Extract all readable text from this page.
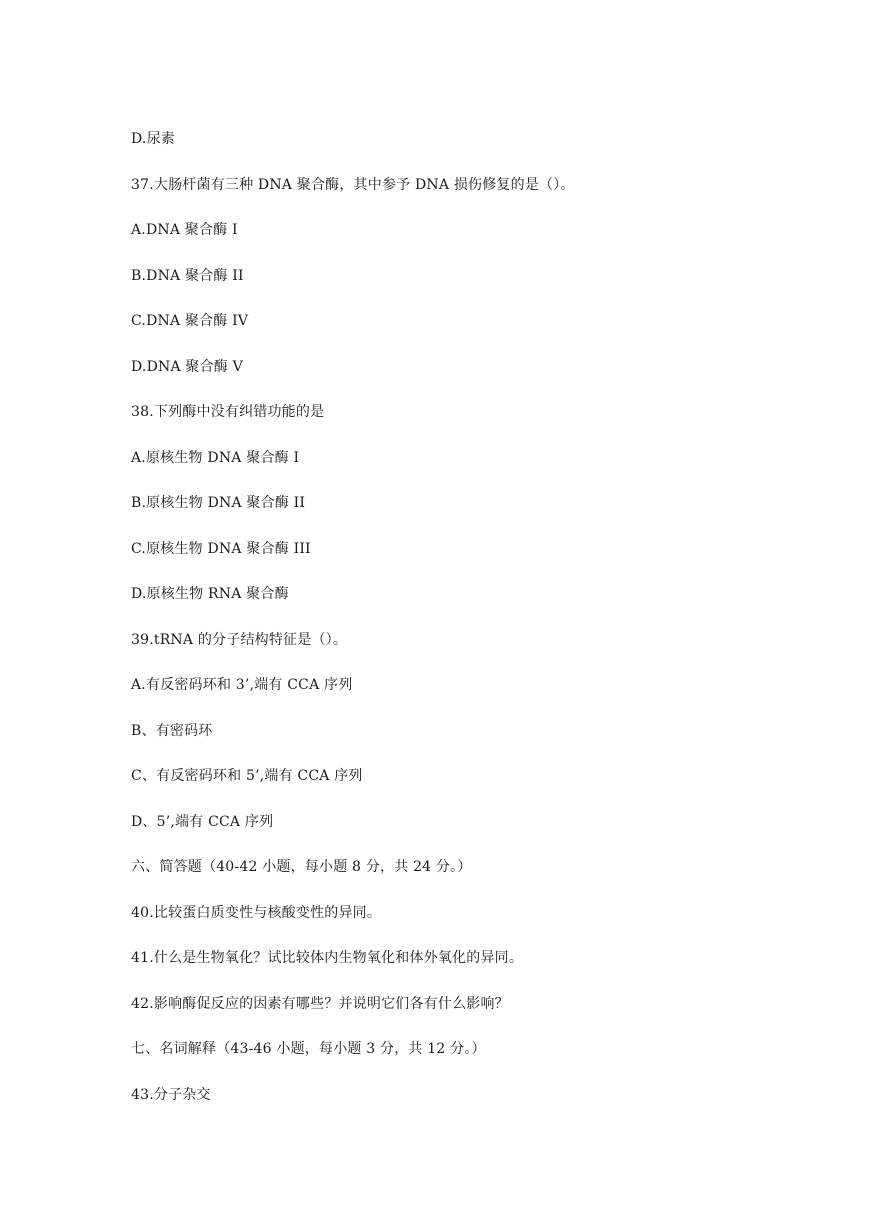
D.尿素
37.大肠杆菌有三种 DNA 聚合酶，其中参予 DNA 损伤修复的是（）。
A.DNA 聚合酶 I
B.DNA 聚合酶 II
C.DNA 聚合酶 IV
D.DNA 聚合酶 V
38.下列酶中没有纠错功能的是
A.原核生物 DNA 聚合酶 I
B.原核生物 DNA 聚合酶 II
C.原核生物 DNA 聚合酶 III
D.原核生物 RNA 聚合酶
39.tRNA 的分子结构特征是（）。
A.有反密码环和 3’,端有 CCA 序列
B、有密码环
C、有反密码环和 5’,端有 CCA 序列
D、5’,端有 CCA 序列
六、简答题（40-42 小题，每小题 8 分，共 24 分。）
40.比较蛋白质变性与核酸变性的异同。
41.什么是生物氧化？试比较体内生物氧化和体外氧化的异同。
42.影响酶促反应的因素有哪些？并说明它们各有什么影响？
七、名词解释（43-46 小题，每小题 3 分，共 12 分。）
43.分子杂交
